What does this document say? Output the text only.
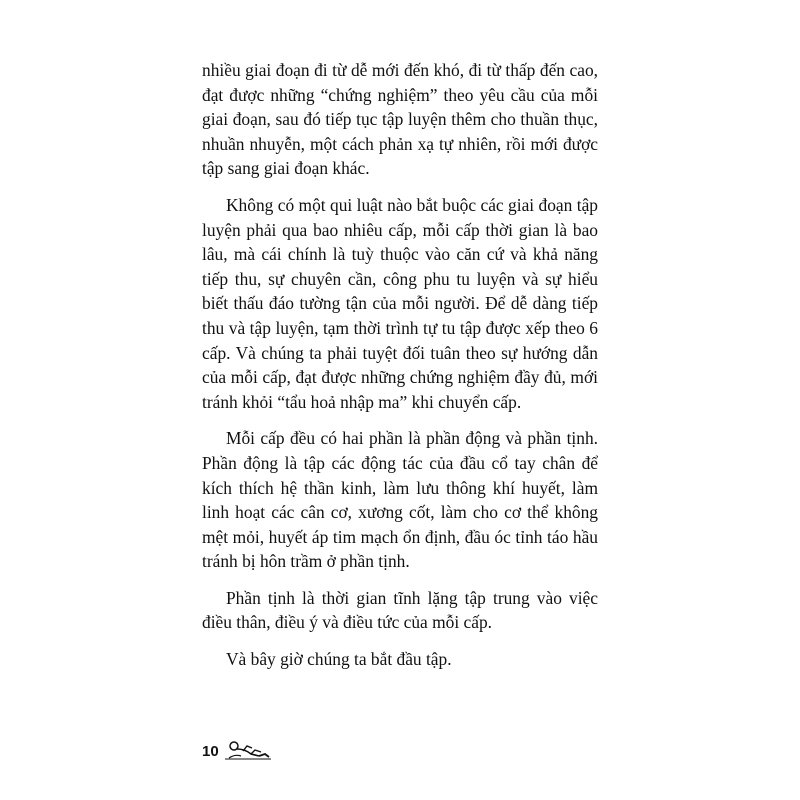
nhiều giai đoạn đi từ dễ mới đến khó, đi từ thấp đến cao, đạt được những “chứng nghiệm” theo yêu cầu của mỗi giai đoạn, sau đó tiếp tục tập luyện thêm cho thuần thục, nhuần nhuyễn, một cách phản xạ tự nhiên, rồi mới được tập sang giai đoạn khác.

Không có một qui luật nào bắt buộc các giai đoạn tập luyện phải qua bao nhiêu cấp, mỗi cấp thời gian là bao lâu, mà cái chính là tuỳ thuộc vào căn cứ và khả năng tiếp thu, sự chuyên cần, công phu tu luyện và sự hiểu biết thấu đáo tường tận của mỗi người. Để dễ dàng tiếp thu và tập luyện, tạm thời trình tự tu tập được xếp theo 6 cấp. Và chúng ta phải tuyệt đối tuân theo sự hướng dẫn của mỗi cấp, đạt được những chứng nghiệm đầy đủ, mới tránh khỏi “tẩu hoả nhập ma” khi chuyển cấp.

Mỗi cấp đều có hai phần là phần động và phần tịnh. Phần động là tập các động tác của đầu cổ tay chân để kích thích hệ thần kinh, làm lưu thông khí huyết, làm linh hoạt các cân cơ, xương cốt, làm cho cơ thể không mệt mỏi, huyết áp tim mạch ổn định, đầu óc tỉnh táo hầu tránh bị hôn trầm ở phần tịnh.

Phần tịnh là thời gian tĩnh lặng tập trung vào việc điều thân, điều ý và điều tức của mỗi cấp.

Và bây giờ chúng ta bắt đầu tập.

10
